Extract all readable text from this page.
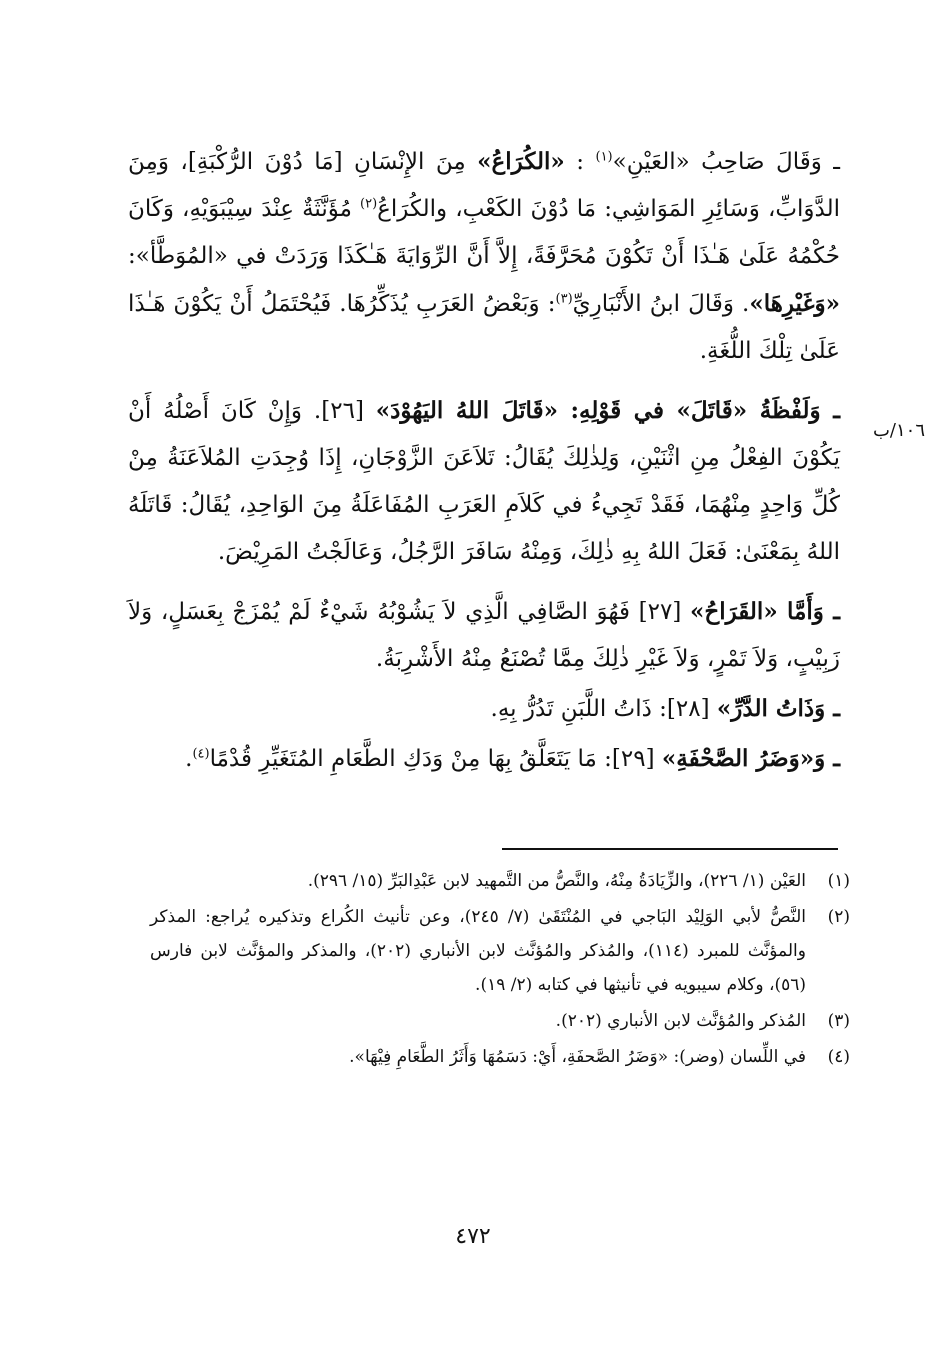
١٠٦/ب

ـ وَقَالَ صَاحِبُ «العَيْنِ»$^{(١)}$ : «الكُرَاعُ» مِنَ الإِنْسَانِ [مَا دُوْنَ الرُّكْبَةِ]، وَمِنَ الدَّوَابِّ، وَسَائِرِ المَوَاشِي: مَا دُوْنَ الكَعْبِ، والكُرَاعُ$^{(٢)}$ مُؤَنَّثَةٌ عِنْدَ سِيْبَوَيْهِ، وَكَانَ حُكْمُهُ عَلَىٰ هَـٰذَا أَنْ تَكُوْنَ مُحَرَّفَةً، إِلاَّ أَنَّ الرِّوَايَةَ هَـٰكَذَا وَرَدَتْ في «المُوَطَّأ»: «وَغَيْرِهَا». وَقَالَ ابنُ الأَنْبَارِيِّ$^{(٣)}$: وَبَعْضُ العَرَبِ يُذَكِّرُهَا. فَيُحْتَمَلُ أَنْ يَكُوْنَ هَـٰذَا عَلَىٰ تِلْكَ اللُّغَةِ.

ـ وَلَفْظَةُ «قَاتَلَ» في قَوْلِهِ: «قَاتَلَ اللهُ اليَهُوْدَ» [٢٦]. وَإِنْ كَانَ أَصْلُهُ أَنْ يَكُوْنَ الفِعْلُ مِنِ اثْنَيْنِ، وَلِذٰلِكَ يُقَالُ: تَلاَعَنَ الزَّوْجَانِ، إِذَا وُجِدَتِ المُلاَعَنَةُ مِنْ كُلِّ وَاحِدٍ مِنْهُمَا، فَقَدْ تَجِيءُ في كَلاَمِ العَرَبِ المُفَاعَلَةُ مِنَ الوَاحِدِ، يُقَالُ: قَاتَلَهُ اللهُ بِمَعْنَىٰ: فَعَلَ اللهُ بِهِ ذٰلِكَ، وَمِنْهُ سَافَرَ الرَّجُلُ، وَعَالَجْتُ المَرِيْضَ.

ـ وَأَمَّا «القَرَاحُ» [٢٧] فَهُوَ الصَّافِي الَّذِي لاَ يَشُوْبُهُ شَيْءٌ لَمْ يُمْزَجْ بِعَسَلٍ، وَلاَ زَبِيْبٍ، وَلاَ تَمْرٍ، وَلاَ غَيْرِ ذٰلِكَ مِمَّا تُصْنَعُ مِنْهُ الأَشْرِبَةُ.

ـ وَذَاتُ الدَّرِّ» [٢٨]: ذَاتُ اللَّبَنِ تَدُرُّ بِهِ.

ـ وَ«وَضَرُ الصَّحْفَةِ» [٢٩]: مَا يَتَعَلَّقُ بِهَا مِنْ وَدَكِ الطَّعَامِ المُتَغَيِّرِ قُدْمًا$^{(٤)}$.

(١)
العَيْن (١/ ٢٢٦)، والزِّيَادَةُ مِنْهُ، والنَّصُّ من التَّمهيد لابن عَبْدِالبَرِّ (١٥/ ٢٩٦).
(٢)
النَّصُّ لأبي الوَلِيْد البَاجي في المُنْتَقَىٰ (٧/ ٢٤٥)، وعن تأنيث الكُراع وتذكيره يُراجع: المذكر والمؤنَّث للمبرد (١١٤)، والمُذكر والمُؤنَّث لابن الأنباري (٢٠٢)، والمذكر والمؤنَّث لابن فارس (٥٦)، وكلام سيبويه في تأنيثها في كتابه (٢/ ١٩).
(٣)
المُذكر والمُؤنَّث لابن الأنباري (٢٠٢).
(٤)
في اللِّسان (وضر): «وَضَرُ الصَّحفَةِ، أَيْ: دَسَمُهَا وَأَثَرُ الطَّعَامِ فِيْهَا».
٤٧٢
